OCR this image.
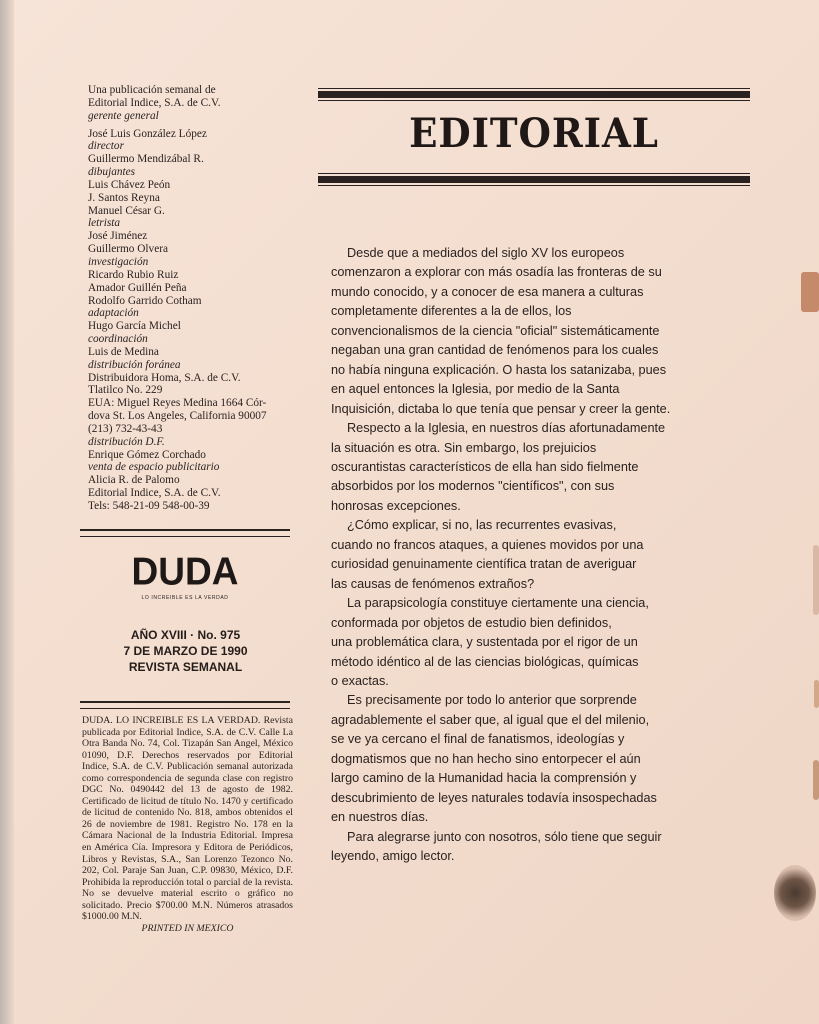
Una publicación semanal de
Editorial Indice, S.A. de C.V.
gerente general
José Luis González López
director
Guillermo Mendizábal R.
dibujantes
Luis Chávez Peón
J. Santos Reyna
Manuel César G.
letrista
José Jiménez
Guillermo Olvera
investigación
Ricardo Rubio Ruiz
Amador Guillén Peña
Rodolfo Garrido Cotham
adaptación
Hugo García Michel
coordinación
Luis de Medina
distribución foránea
Distribuidora Homa, S.A. de C.V.
Tlatilco No. 229
EUA: Miguel Reyes Medina 1664 Cór-
dova St. Los Angeles, California 90007
(213) 732-43-43
distribución D.F.
Enrique Gómez Corchado
venta de espacio publicitario
Alicia R. de Palomo
Editorial Indice, S.A. de C.V.
Tels: 548-21-09 548-00-39
DUDA
LO INCREIBLE ES LA VERDAD
AÑO XVIII · No. 975
7 DE MARZO DE 1990
REVISTA SEMANAL
DUDA. LO INCREIBLE ES LA VERDAD. Revista publicada por Editorial Indice, S.A. de C.V. Calle La Otra Banda No. 74, Col. Tizapán San Angel, México 01090, D.F. Derechos reservados por Editorial Indice, S.A. de C.V. Publicación semanal autorizada como correspondencia de segunda clase con registro DGC No. 0490442 del 13 de agosto de 1982. Certificado de licitud de título No. 1470 y certificado de licitud de contenido No. 818, ambos obtenidos el 26 de noviembre de 1981. Registro No. 178 en la Cámara Nacional de la Industria Editorial. Impresa en América Cía. Impresora y Editora de Periódicos, Libros y Revistas, S.A., San Lorenzo Tezonco No. 202, Col. Paraje San Juan, C.P. 09830, México, D.F. Prohibida la reproducción total o parcial de la revista. No se devuelve material escrito o gráfico no solicitado. Precio $700.00 M.N. Números atrasados $1000.00 M.N.
PRINTED IN MEXICO
EDITORIAL
Desde que a mediados del siglo XV los europeos
comenzaron a explorar con más osadía las fronteras de su
mundo conocido, y a conocer de esa manera a culturas
completamente diferentes a la de ellos, los
convencionalismos de la ciencia "oficial" sistemáticamente
negaban una gran cantidad de fenómenos para los cuales
no había ninguna explicación. O hasta los satanizaba, pues
en aquel entonces la Iglesia, por medio de la Santa
Inquisición, dictaba lo que tenía que pensar y creer la gente.
Respecto a la Iglesia, en nuestros días afortunadamente
la situación es otra. Sin embargo, los prejuicios
oscurantistas característicos de ella han sido fielmente
absorbidos por los modernos "científicos", con sus
honrosas excepciones.
¿Cómo explicar, si no, las recurrentes evasivas,
cuando no francos ataques, a quienes movidos por una
curiosidad genuinamente científica tratan de averiguar
las causas de fenómenos extraños?
La parapsicología constituye ciertamente una ciencia,
conformada por objetos de estudio bien definidos,
una problemática clara, y sustentada por el rigor de un
método idéntico al de las ciencias biológicas, químicas
o exactas.
Es precisamente por todo lo anterior que sorprende
agradablemente el saber que, al igual que el del milenio,
se ve ya cercano el final de fanatismos, ideologías y
dogmatismos que no han hecho sino entorpecer el aún
largo camino de la Humanidad hacia la comprensión y
descubrimiento de leyes naturales todavía insospechadas
en nuestros días.
Para alegrarse junto con nosotros, sólo tiene que seguir
leyendo, amigo lector.
